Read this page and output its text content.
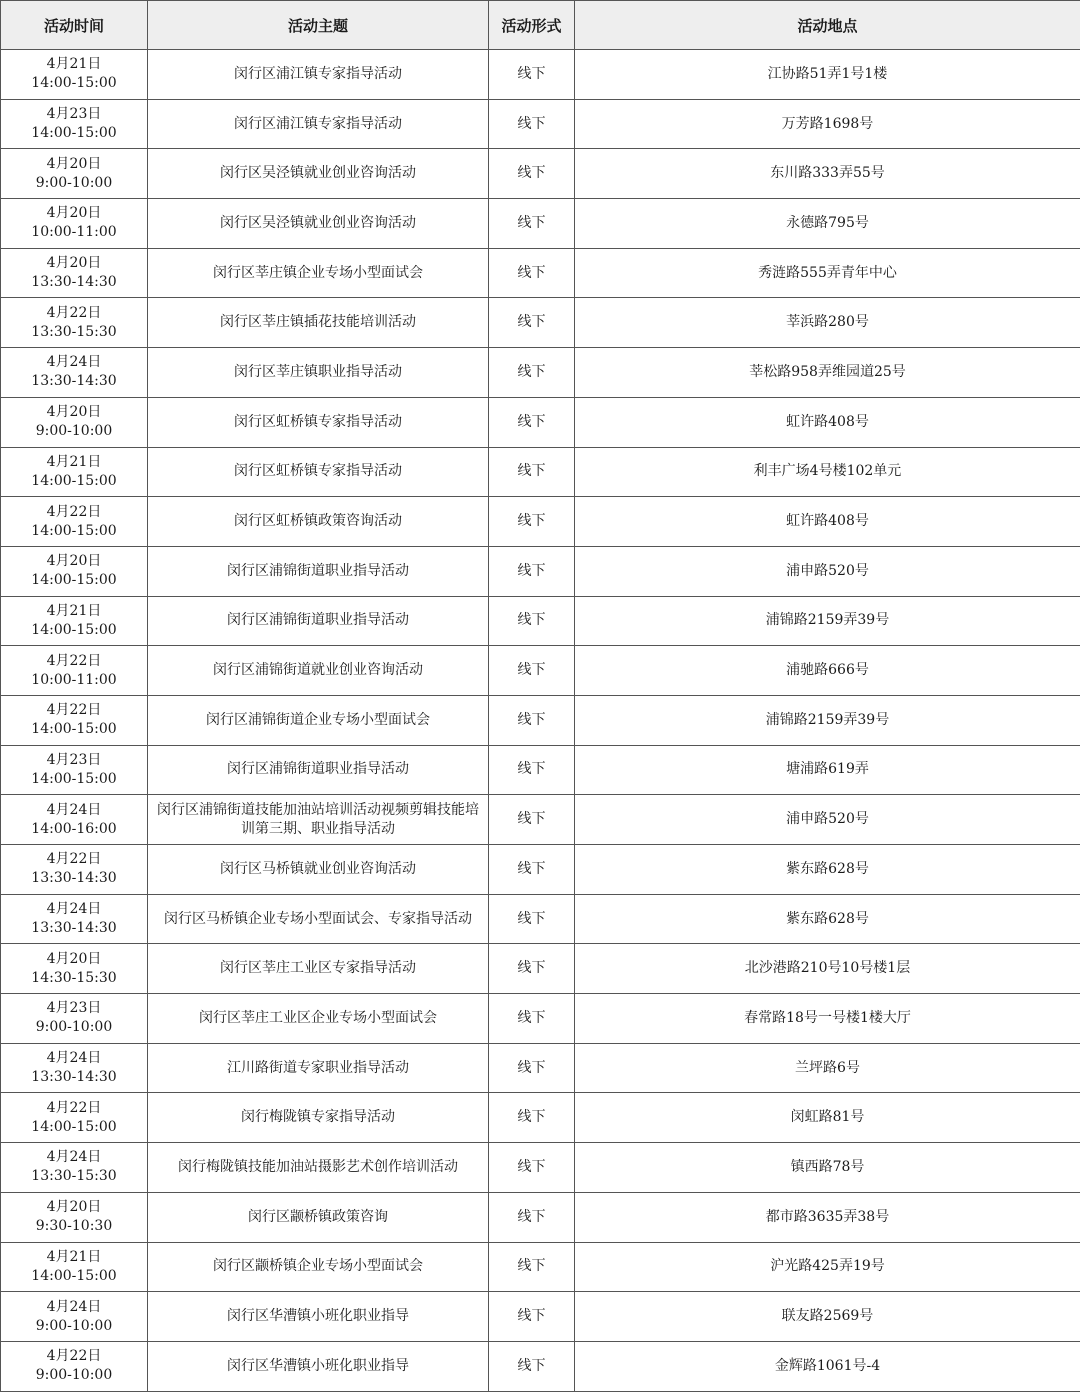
活动时间	活动主题	活动形式	活动地点

4月21日
14:00-15:00	闵行区浦江镇专家指导活动	线下	江协路51弄1号1楼

4月23日
14:00-15:00	闵行区浦江镇专家指导活动	线下	万芳路1698号

4月20日
9:00-10:00	闵行区吴泾镇就业创业咨询活动	线下	东川路333弄55号

4月20日
10:00-11:00	闵行区吴泾镇就业创业咨询活动	线下	永德路795号

4月20日
13:30-14:30	闵行区莘庄镇企业专场小型面试会	线下	秀涟路555弄青年中心

4月22日
13:30-15:30	闵行区莘庄镇插花技能培训活动	线下	莘浜路280号

4月24日
13:30-14:30	闵行区莘庄镇职业指导活动	线下	莘松路958弄维园道25号

4月20日
9:00-10:00	闵行区虹桥镇专家指导活动	线下	虹许路408号

4月21日
14:00-15:00	闵行区虹桥镇专家指导活动	线下	利丰广场4号楼102单元

4月22日
14:00-15:00	闵行区虹桥镇政策咨询活动	线下	虹许路408号

4月20日
14:00-15:00	闵行区浦锦街道职业指导活动	线下	浦申路520号

4月21日
14:00-15:00	闵行区浦锦街道职业指导活动	线下	浦锦路2159弄39号

4月22日
10:00-11:00	闵行区浦锦街道就业创业咨询活动	线下	浦驰路666号

4月22日
14:00-15:00	闵行区浦锦街道企业专场小型面试会	线下	浦锦路2159弄39号

4月23日
14:00-15:00	闵行区浦锦街道职业指导活动	线下	塘浦路619弄

4月24日
14:00-16:00	闵行区浦锦街道技能加油站培训活动视频剪辑技能培训第三期、职业指导活动	线下	浦申路520号

4月22日
13:30-14:30	闵行区马桥镇就业创业咨询活动	线下	紫东路628号

4月24日
13:30-14:30	闵行区马桥镇企业专场小型面试会、专家指导活动	线下	紫东路628号

4月20日
14:30-15:30	闵行区莘庄工业区专家指导活动	线下	北沙港路210号10号楼1层

4月23日
9:00-10:00	闵行区莘庄工业区企业专场小型面试会	线下	春常路18号一号楼1楼大厅

4月24日
13:30-14:30	江川路街道专家职业指导活动	线下	兰坪路6号

4月22日
14:00-15:00	闵行梅陇镇专家指导活动	线下	闵虹路81号

4月24日
13:30-15:30	闵行梅陇镇技能加油站摄影艺术创作培训活动	线下	镇西路78号

4月20日
9:30-10:30	闵行区颛桥镇政策咨询	线下	都市路3635弄38号

4月21日
14:00-15:00	闵行区颛桥镇企业专场小型面试会	线下	沪光路425弄19号

4月24日
9:00-10:00	闵行区华漕镇小班化职业指导	线下	联友路2569号

4月22日
9:00-10:00	闵行区华漕镇小班化职业指导	线下	金辉路1061号-4
